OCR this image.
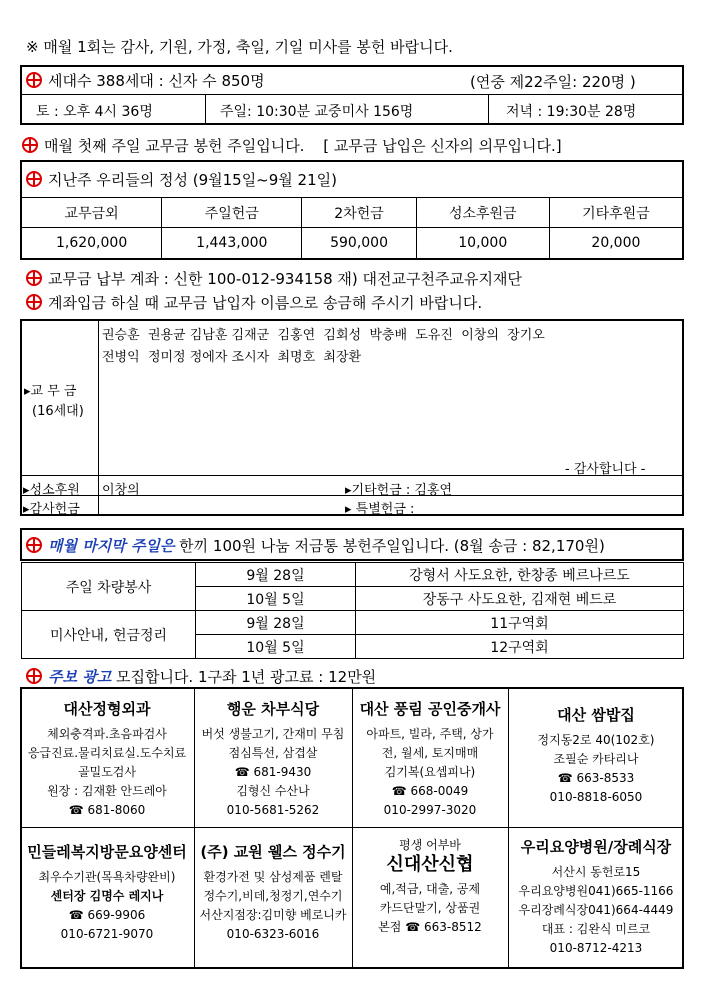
※ 매월 1회는 감사, 기원, 가정, 축일, 기일 미사를 봉헌 바랍니다.
세대수 388세대 : 신자 수 850명	(연중 제22주일: 220명 )
토 : 오후 4시 36명	주일: 10:30분 교중미사 156명	저녁 : 19:30분 28명
매월 첫째 주일 교무금 봉헌 주일입니다. [ 교무금 납입은 신자의 의무입니다.]
지난주 우리들의 정성 (9월15일~9월 21일)
교무금외	주일헌금	2차헌금	성소후원금	기타후원금
1,620,000	1,443,000	590,000	10,000	20,000
교무금 납부 계좌 : 신한 100-012-934158 재) 대전교구천주교유지재단
계좌입금 하실 때 교무금 납입자 이름으로 송금해 주시기 바랍니다.
권승훈  권용균 김남훈 김재군  김홍연  김회성  박충배  도유진  이창의  장기오
전병익  정미정 정에자 조시자  최명호  최장환
▸교 무 금
(16세대)
- 감사합니다 -
▸성소후원 이창의	▸기타헌금 : 김홍연
▸감사헌금	▸ 특별헌금 :
매월 마지막 주일은 한끼 100원 나눔 저금통 봉헌주일입니다. (8월 송금 : 82,170원)
주일 차량봉사	9월 28일	강형서 사도요한, 한창종 베르나르도
	10월 5일	장동구 사도요한, 김재현 베드로
미사안내, 헌금정리	9월 28일	11구역회
	10월 5일	12구역회
주보 광고 모집합니다. 1구좌 1년 광고료 : 12만원
대산정형외과
체외충격파.초음파검사
응급진료.물리치료실.도수치료
골밀도검사
원장 : 김재환 안드레아
☎ 681-8060
행운 차부식당
버섯 생불고기, 간재미 무침
점심특선, 삼겹살
☎ 681-9430
김형신 수산나
010-5681-5262
대산 풍림 공인중개사
아파트, 빌라, 주택, 상가
전, 월세, 토지매매
김기복(요셉피나)
☎ 668-0049
010-2997-3020
대산 쌈밥집
정지동2로 40(102호)
조필순 카타리나
☎ 663-8533
010-8818-6050
민들레복지방문요양센터
최우수기관(목욕차량완비)
센터장 김명수 레지나
☎ 669-9906
010-6721-9070
(주) 교원 웰스 정수기
환경가전 및 삼성제품 렌탈
정수기,비데,청정기,연수기
서산지점장:김미향 베로니카
010-6323-6016
평생 어부바
신대산신협
예,적금, 대출, 공제
카드단말기, 상품권
본점 ☎ 663-8512
우리요양병원/장례식장
서산시 동헌로15
우리요양병원041)665-1166
우리장례식장041)664-4449
대표 : 김완식 미르코
010-8712-4213
